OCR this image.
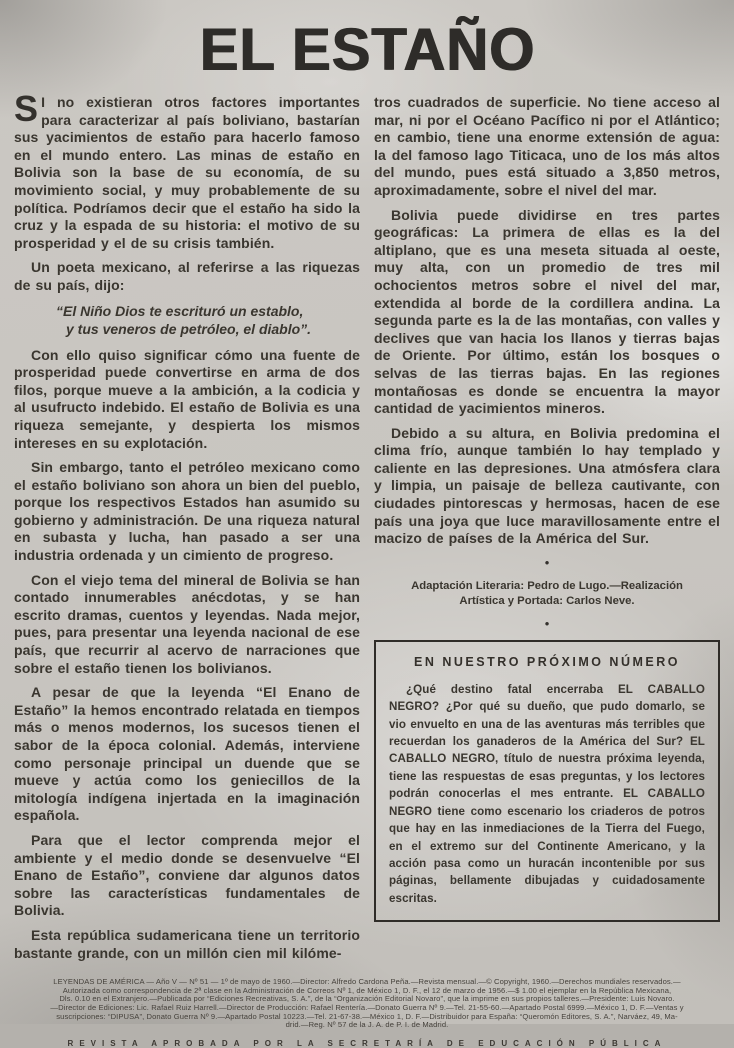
EL ESTAÑO

S I no existieran otros factores importantes para caracterizar al país boliviano, bastarían sus yacimientos de estaño para hacerlo famoso en el mundo entero. Las minas de estaño en Bolivia son la base de su economía, de su movimiento social, y muy probablemente de su política. Podríamos decir que el estaño ha sido la cruz y la espada de su historia: el motivo de su prosperidad y el de su crisis también.

Un poeta mexicano, al referirse a las riquezas de su país, dijo:

“El Niño Dios te escrituró un establo,
y tus veneros de petróleo, el diablo”.

Con ello quiso significar cómo una fuente de prosperidad puede convertirse en arma de dos filos, porque mueve a la ambición, a la codicia y al usufructo indebido. El estaño de Bolivia es una riqueza semejante, y despierta los mismos intereses en su explotación.

Sin embargo, tanto el petróleo mexicano como el estaño boliviano son ahora un bien del pueblo, porque los respectivos Estados han asumido su gobierno y administración. De una riqueza natural en subasta y lucha, han pasado a ser una industria ordenada y un cimiento de progreso.

Con el viejo tema del mineral de Bolivia se han contado innumerables anécdotas, y se han escrito dramas, cuentos y leyendas. Nada mejor, pues, para presentar una leyenda nacional de ese país, que recurrir al acervo de narraciones que sobre el estaño tienen los bolivianos.

A pesar de que la leyenda “El Enano de Estaño” la hemos encontrado relatada en tiempos más o menos modernos, los sucesos tienen el sabor de la época colonial. Además, interviene como personaje principal un duende que se mueve y actúa como los geniecillos de la mitología indígena injertada en la imaginación española.

Para que el lector comprenda mejor el ambiente y el medio donde se desenvuelve “El Enano de Estaño”, conviene dar algunos datos sobre las características fundamentales de Bolivia.

Esta república sudamericana tiene un territorio bastante grande, con un millón cien mil kilóme-

tros cuadrados de superficie. No tiene acceso al mar, ni por el Océano Pacífico ni por el Atlántico; en cambio, tiene una enorme extensión de agua: la del famoso lago Titicaca, uno de los más altos del mundo, pues está situado a 3,850 metros, aproximadamente, sobre el nivel del mar.

Bolivia puede dividirse en tres partes geográficas: La primera de ellas es la del altiplano, que es una meseta situada al oeste, muy alta, con un promedio de tres mil ochocientos metros sobre el nivel del mar, extendida al borde de la cordillera andina. La segunda parte es la de las montañas, con valles y declives que van hacia los llanos y tierras bajas de Oriente. Por último, están los bosques o selvas de las tierras bajas. En las regiones montañosas es donde se encuentra la mayor cantidad de yacimientos mineros.

Debido a su altura, en Bolivia predomina el clima frío, aunque también lo hay templado y caliente en las depresiones. Una atmósfera clara y limpia, un paisaje de belleza cautivante, con ciudades pintorescas y hermosas, hacen de ese país una joya que luce maravillosamente entre el macizo de países de la América del Sur.

•
Adaptación Literaria: Pedro de Lugo.—Realización
Artística y Portada: Carlos Neve.
•
EN NUESTRO PRÓXIMO NÚMERO

¿Qué destino fatal encerraba EL CABALLO NEGRO? ¿Por qué su dueño, que pudo domarlo, se vio envuelto en una de las aventuras más terribles que recuerdan los ganaderos de la América del Sur? EL CABALLO NEGRO, título de nuestra próxima leyenda, tiene las respuestas de esas preguntas, y los lectores podrán conocerlas el mes entrante. EL CABALLO NEGRO tiene como escenario los criaderos de potros que hay en las inmediaciones de la Tierra del Fuego, en el extremo sur del Continente Americano, y la acción pasa como un huracán incontenible por sus páginas, bellamente dibujadas y cuidadosamente escritas.

LEYENDAS DE AMÉRICA — Año V — Nº 51 — 1º de mayo de 1960.—Director: Alfredo Cardona Peña.—Revista mensual.—© Copyright, 1960.—Derechos mundiales reservados.—
Autorizada como correspondencia de 2ª clase en la Administración de Correos Nº 1, de México 1, D. F., el 12 de marzo de 1956.—$ 1.00 el ejemplar en la República Mexicana,
Dls. 0.10 en el Extranjero.—Publicada por “Ediciones Recreativas, S. A.”, de la “Organización Editorial Novaro”, que la imprime en sus propios talleres.—Presidente: Luis Novaro.
—Director de Ediciones: Lic. Rafael Ruiz Harrell.—Director de Producción: Rafael Rentería.—Donato Guerra Nº 9.—Tel. 21-55-60.—Apartado Postal 6999.—México 1, D. F.—Ventas y
suscripciones: “DIPUSA”, Donato Guerra Nº 9.—Apartado Postal 10223.—Tel. 21-67-38.—México 1, D. F.—Distribuidor para España: “Queromón Editores, S. A.”, Narváez, 49, Ma-
drid.—Reg. Nº 57 de la J. A. de P. I. de Madrid.
REVISTA APROBADA POR LA SECRETARÍA DE EDUCACIÓN PÚBLICA
